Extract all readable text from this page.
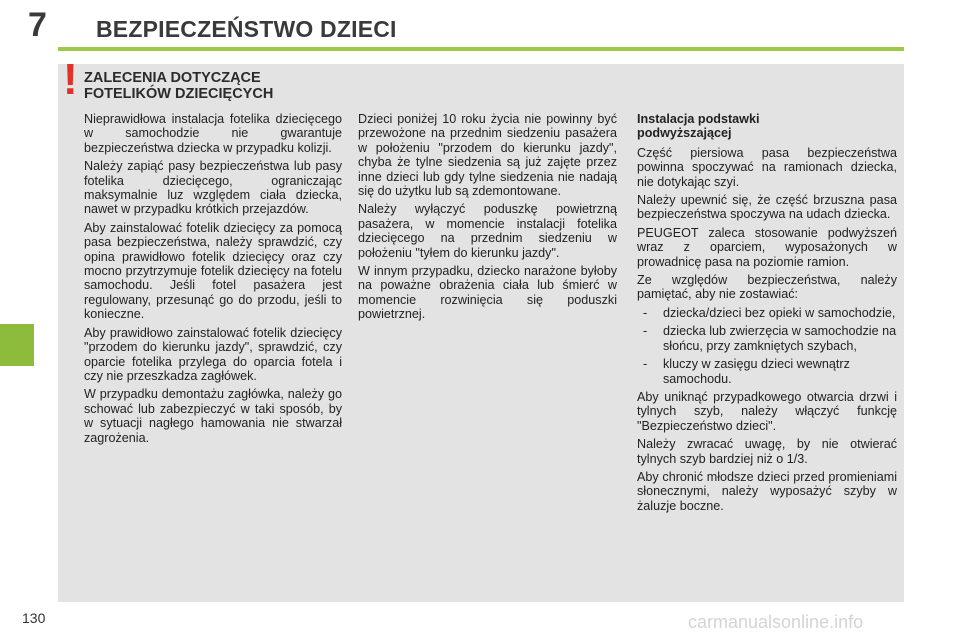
7 BEZPIECZEŃSTWO DZIECI
! ZALECENIA DOTYCZĄCE
FOTELIKÓW DZIECIĘCYCH

Nieprawidłowa instalacja fotelika dziecięcego w samochodzie nie gwarantuje bezpieczeństwa dziecka w przypadku kolizji.

Należy zapiąć pasy bezpieczeństwa lub pasy fotelika dziecięcego, ograniczając maksymalnie luz względem ciała dziecka, nawet w przypadku krótkich przejazdów.

Aby zainstalować fotelik dziecięcy za pomocą pasa bezpieczeństwa, należy sprawdzić, czy opina prawidłowo fotelik dziecięcy oraz czy mocno przytrzymuje fotelik dziecięcy na fotelu samochodu. Jeśli fotel pasażera jest regulowany, przesunąć go do przodu, jeśli to konieczne.

Aby prawidłowo zainstalować fotelik dziecięcy "przodem do kierunku jazdy", sprawdzić, czy oparcie fotelika przylega do oparcia fotela i czy nie przeszkadza zagłówek.

W przypadku demontażu zagłówka, należy go schować lub zabezpieczyć w taki sposób, by w sytuacji nagłego hamowania nie stwarzał zagrożenia.

Dzieci poniżej 10 roku życia nie powinny być przewożone na przednim siedzeniu pasażera w położeniu "przodem do kierunku jazdy", chyba że tylne siedzenia są już zajęte przez inne dzieci lub gdy tylne siedzenia nie nadają się do użytku lub są zdemontowane.

Należy wyłączyć poduszkę powietrzną pasażera, w momencie instalacji fotelika dziecięcego na przednim siedzeniu w położeniu "tyłem do kierunku jazdy".

W innym przypadku, dziecko narażone byłoby na poważne obrażenia ciała lub śmierć w momencie rozwinięcia się poduszki powietrznej.

Instalacja podstawki
podwyższającej

Część piersiowa pasa bezpieczeństwa powinna spoczywać na ramionach dziecka, nie dotykając szyi.

Należy upewnić się, że część brzuszna pasa bezpieczeństwa spoczywa na udach dziecka.

PEUGEOT zaleca stosowanie podwyższeń wraz z oparciem, wyposażonych w prowadnicę pasa na poziomie ramion.

Ze względów bezpieczeństwa, należy pamiętać, aby nie zostawiać:

- dziecka/dzieci bez opieki w samochodzie,
- dziecka lub zwierzęcia w samochodzie na słońcu, przy zamkniętych szybach,
- kluczy w zasięgu dzieci wewnątrz samochodu.

Aby uniknąć przypadkowego otwarcia drzwi i tylnych szyb, należy włączyć funkcję "Bezpieczeństwo dzieci".

Należy zwracać uwagę, by nie otwierać tylnych szyb bardziej niż o 1/3.

Aby chronić młodsze dzieci przed promieniami słonecznymi, należy wyposażyć szyby w żaluzje boczne.

130	carmanualsonline.info
